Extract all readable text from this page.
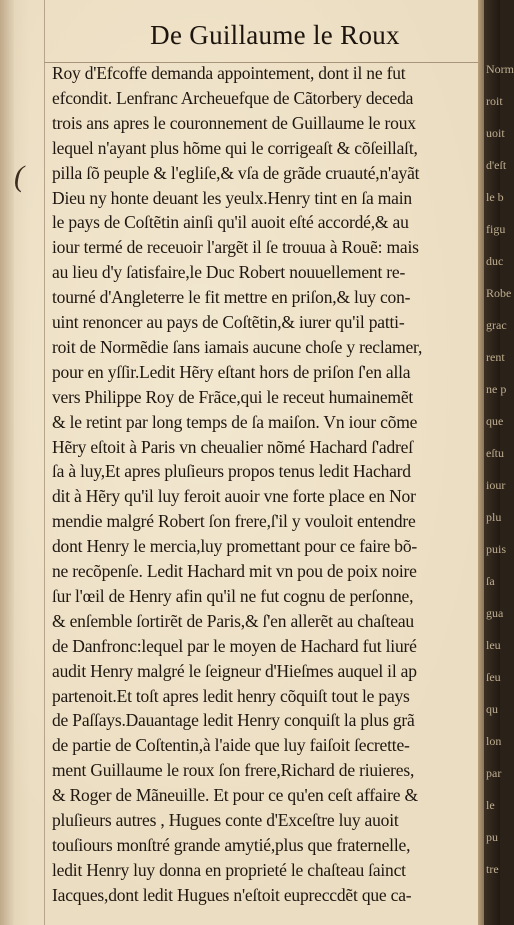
(
De Guillaume le Roux
Roy d'Efcoffe demanda appointement, dont il ne fut
efcondit. Lenfranc Archeuefque de Cãtorbery deceda
trois ans apres le couronnement de Guillaume le roux
lequel n'ayant plus hõme qui le corrigeaſt & cõſeillaſt,
pilla ſõ peuple & l'egliſe,& vſa de grãde cruauté,n'ayãt
Dieu ny honte deuant les yeulx.Henry tint en ſa main
le pays de Coſtẽtin ainſi qu'il auoit eſté accordé,& au
iour termé de receuoir l'argẽt il ſe trouua à Rouẽ: mais
au lieu d'y ſatisfaire,le Duc Robert nouuellement re-
tourné d'Angleterre le fit mettre en priſon,& luy con-
uint renoncer au pays de Coſtẽtin,& iurer qu'il patti-
roit de Normẽdie ſans iamais aucune choſe y reclamer,
pour en yſſir.Ledit Hẽry eſtant hors de priſon ſ'en alla
vers Philippe Roy de Frãce,qui le receut humainemẽt
& le retint par long temps de ſa maiſon. Vn iour cõme
Hẽry eſtoit à Paris vn cheualier nõmé Hachard ſ'adreſ
ſa à luy,Et apres pluſieurs propos tenus ledit Hachard
dit à Hẽry qu'il luy feroit auoir vne forte place en Nor
mendie malgré Robert ſon frere,ſ'il y vouloit entendre
dont Henry le mercia,luy promettant pour ce faire bõ-
ne recõpenſe. Ledit Hachard mit vn pou de poix noire
ſur l'œil de Henry afin qu'il ne fut cognu de perſonne,
& enſemble ſortirẽt de Paris,& ſ'en allerẽt au chaſteau
de Danfronc:lequel par le moyen de Hachard fut liuré
audit Henry malgré le ſeigneur d'Hieſmes auquel il ap
partenoit.Et toſt apres ledit henry cõquiſt tout le pays
de Paſſays.Dauantage ledit Henry conquiſt la plus grã
de partie de Coſtentin,à l'aide que luy faiſoit ſecrette-
ment Guillaume le roux ſon frere,Richard de riuieres,
& Roger de Mãneuille. Et pour ce qu'en ceſt affaire &
pluſieurs autres , Hugues conte d'Exceſtre luy auoit
touſiours monſtré grande amytié,plus que fraternelle,
ledit Henry luy donna en proprieté le chaſteau ſainct
Iacques,dont ledit Hugues n'eſtoit eupreccdẽt que ca-
Norm
roit
uoit
d'eſt
le b
figu
duc
Robe
grac
rent
ne p
que
eſtu
iour
plu
puis
ſa
gua
leu
ſeu
qu
lon
par
le
pu
tre
